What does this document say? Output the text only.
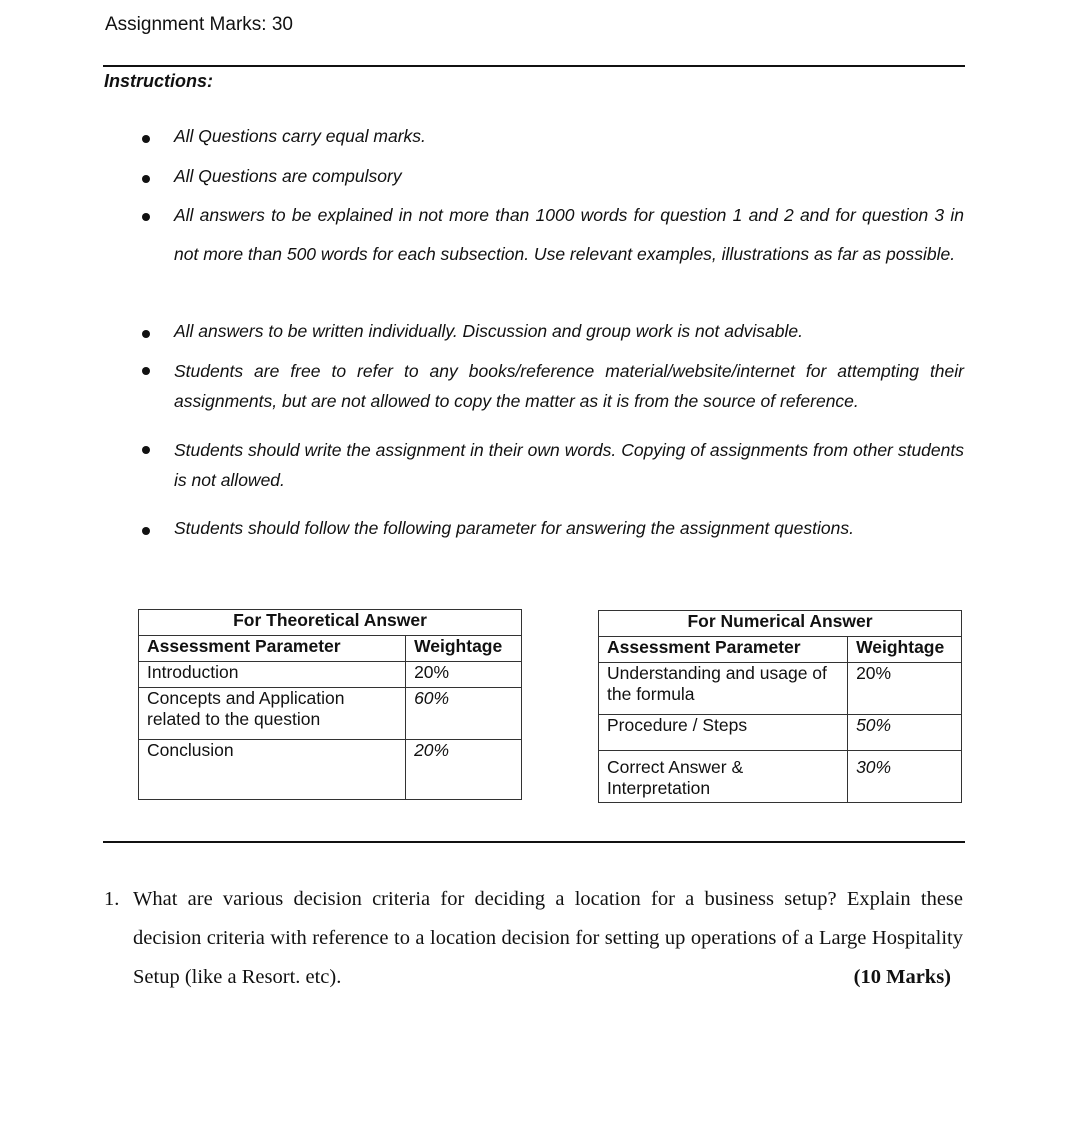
Assignment Marks: 30
Instructions:
All Questions carry equal marks.
All Questions are compulsory
All answers to be explained in not more than 1000 words for question 1 and 2 and for question 3 in not more than 500 words for each subsection. Use relevant examples, illustrations as far as possible.
All answers to be written individually. Discussion and group work is not advisable.
Students are free to refer to any books/reference material/website/internet for attempting their assignments, but are not allowed to copy the matter as it is from the source of reference.
Students should write the assignment in their own words. Copying of assignments from other students is not allowed.
Students should follow the following parameter for answering the assignment questions.
For Theoretical Answer	
Assessment Parameter	Weightage
Introduction	20%
Concepts and Application related to the question	60%
Conclusion	20%
For Numerical Answer	
Assessment Parameter	Weightage
Understanding and usage of the formula	20%
Procedure / Steps	50%
Correct Answer & Interpretation	30%
1. What are various decision criteria for deciding a location for a business setup? Explain these decision criteria with reference to a location decision for setting up operations of a Large Hospitality Setup (like a Resort. etc).	(10 Marks)
